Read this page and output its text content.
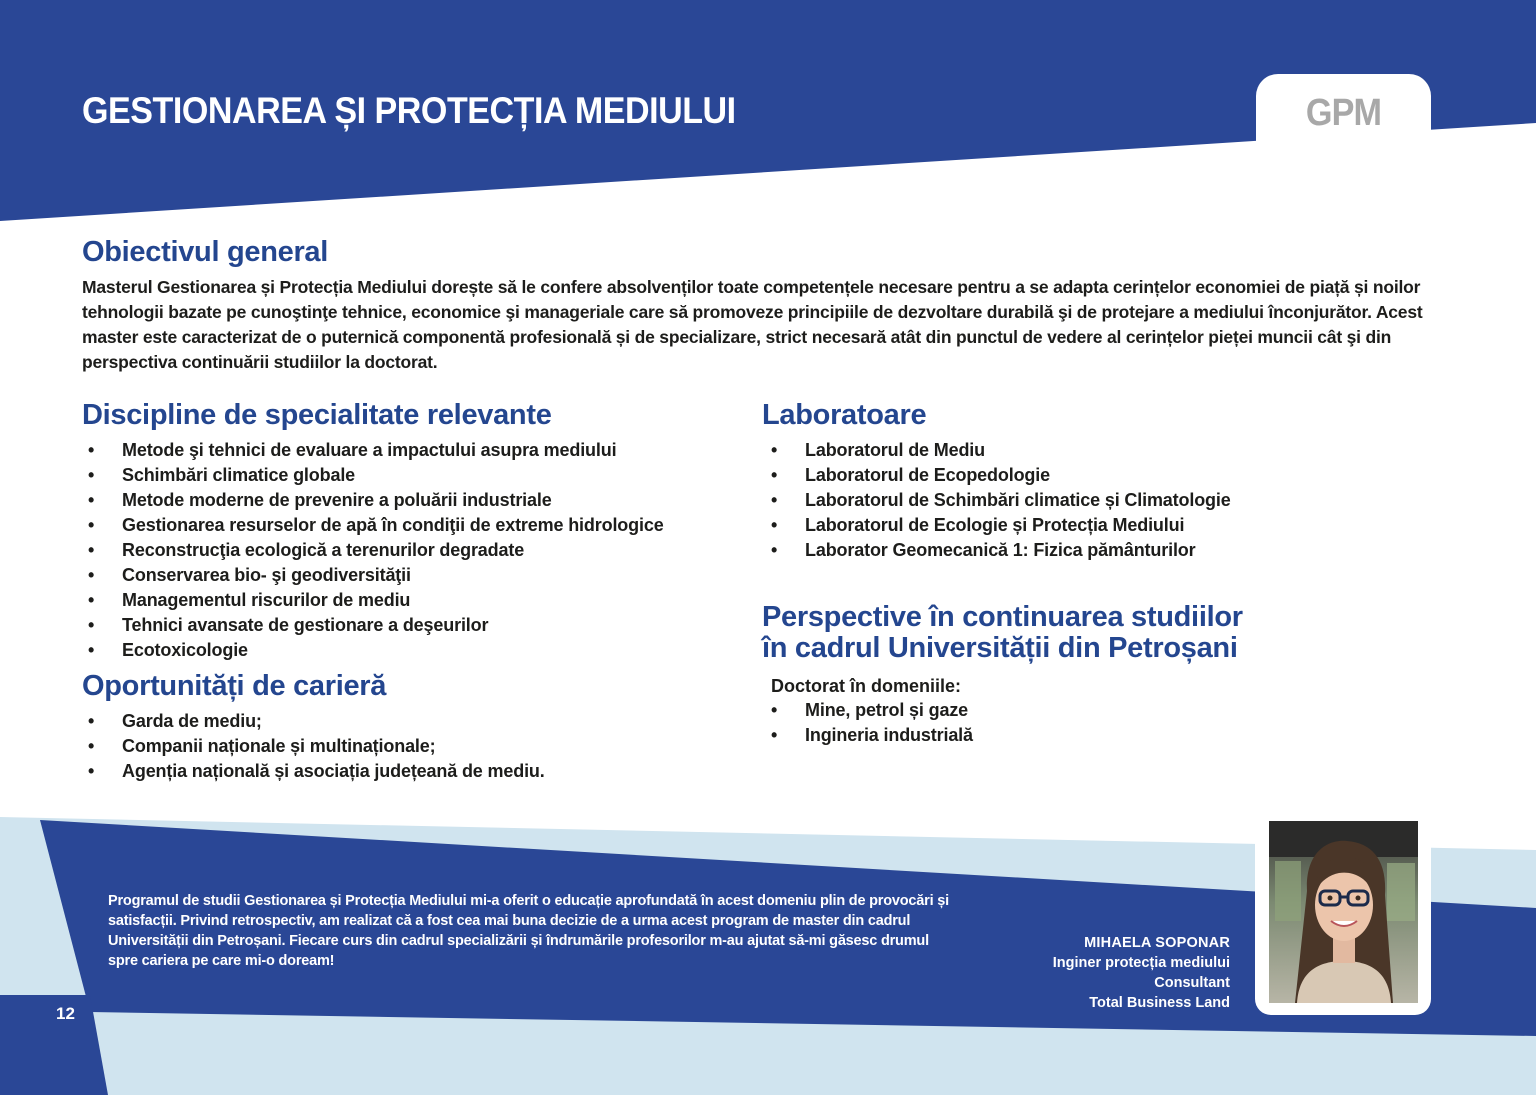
GESTIONAREA ȘI PROTECȚIA MEDIULUI	GPM
Obiectivul general

Masterul Gestionarea și Protecția Mediului dorește să le confere absolvenților toate competențele necesare pentru a se adapta cerințelor economiei de piață și noilor tehnologii bazate pe cunoştinţe tehnice, economice şi manageriale care să promoveze principiile de dezvoltare durabilă şi de protejare a mediului înconjurător. Acest master este caracterizat de o puternică componentă profesională și de specializare, strict necesară atât din punctul de vedere al cerințelor pieței muncii cât şi din perspectiva continuării studiilor la doctorat.

Discipline de specialitate relevante
• Metode şi tehnici de evaluare a impactului asupra mediului
• Schimbări climatice globale
• Metode moderne de prevenire a poluării industriale
• Gestionarea resurselor de apă în condiţii de extreme hidrologice
• Reconstrucţia ecologică a terenurilor degradate
• Conservarea bio- şi geodiversităţii
• Managementul riscurilor de mediu
• Tehnici avansate de gestionare a deşeurilor
• Ecotoxicologie
Oportunități de carieră
• Garda de mediu;
• Companii naționale și multinaționale;
• Agenția națională și asociația județeană de mediu.
Laboratoare
• Laboratorul de Mediu
• Laboratorul de Ecopedologie
• Laboratorul de Schimbări climatice și Climatologie
• Laboratorul de Ecologie și Protecția Mediului
• Laborator Geomecanică 1: Fizica pământurilor
Perspective în continuarea studiilor
în cadrul Universității din Petroșani

Doctorat în domeniile:

• Mine, petrol și gaze
• Ingineria industrială

Programul de studii Gestionarea și Protecția Mediului mi-a oferit o educație aprofundată în acest domeniu plin de provocări și satisfacții. Privind retrospectiv, am realizat că a fost cea mai buna decizie de a urma acest program de master din cadrul Universității din Petroșani. Fiecare curs din cadrul specializării și îndrumările profesorilor m-au ajutat să-mi găsesc drumul spre cariera pe care mi-o doream!

MIHAELA SOPONAR
Inginer protecția mediului
Consultant
Total Business Land
12
